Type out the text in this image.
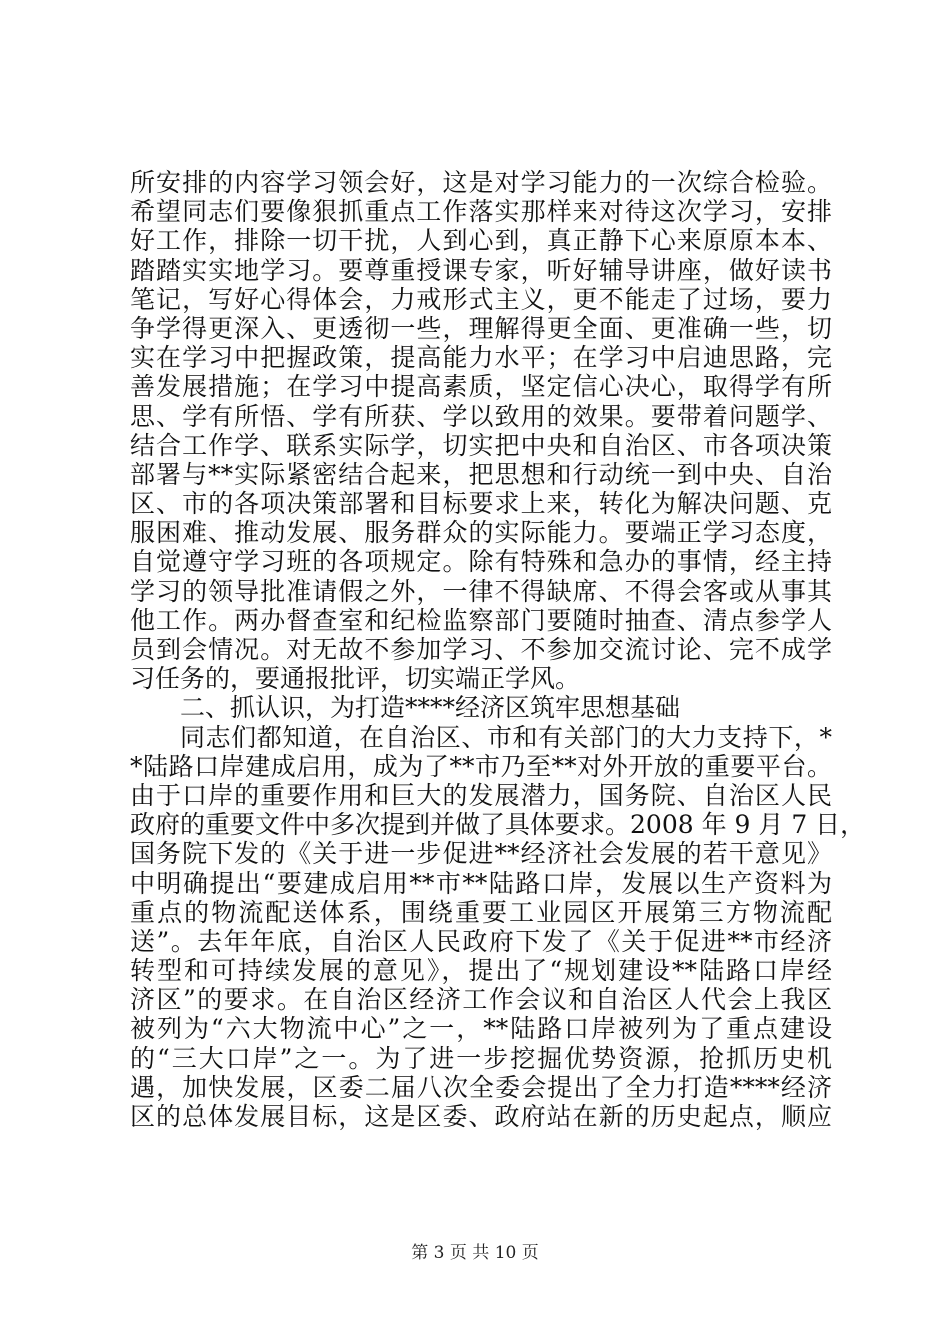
所安排的内容学习领会好，这是对学习能力的一次综合检验。
希望同志们要像狠抓重点工作落实那样来对待这次学习，安排
好工作，排除一切干扰，人到心到，真正静下心来原原本本、
踏踏实实地学习。要尊重授课专家，听好辅导讲座，做好读书
笔记，写好心得体会，力戒形式主义，更不能走了过场，要力
争学得更深入、更透彻一些，理解得更全面、更准确一些，切
实在学习中把握政策，提高能力水平；在学习中启迪思路，完
善发展措施；在学习中提高素质，坚定信心决心，取得学有所
思、学有所悟、学有所获、学以致用的效果。要带着问题学、
结合工作学、联系实际学，切实把中央和自治区、市各项决策
部署与**实际紧密结合起来，把思想和行动统一到中央、自治
区、市的各项决策部署和目标要求上来，转化为解决问题、克
服困难、推动发展、服务群众的实际能力。要端正学习态度，
自觉遵守学习班的各项规定。除有特殊和急办的事情，经主持
学习的领导批准请假之外，一律不得缺席、不得会客或从事其
他工作。两办督查室和纪检监察部门要随时抽查、清点参学人
员到会情况。对无故不参加学习、不参加交流讨论、完不成学
习任务的，要通报批评，切实端正学风。
二、抓认识，为打造****经济区筑牢思想基础
同志们都知道，在自治区、市和有关部门的大力支持下，*
*陆路口岸建成启用，成为了**市乃至**对外开放的重要平台。
由于口岸的重要作用和巨大的发展潜力，国务院、自治区人民
政府的重要文件中多次提到并做了具体要求。2008 年 9 月 7 日，
国务院下发的《关于进一步促进**经济社会发展的若干意见》
中明确提出“要建成启用**市**陆路口岸，发展以生产资料为
重点的物流配送体系，围绕重要工业园区开展第三方物流配
送”。去年年底，自治区人民政府下发了《关于促进**市经济
转型和可持续发展的意见》，提出了“规划建设**陆路口岸经
济区”的要求。在自治区经济工作会议和自治区人代会上我区
被列为“六大物流中心”之一，**陆路口岸被列为了重点建设
的“三大口岸”之一。为了进一步挖掘优势资源，抢抓历史机
遇，加快发展，区委二届八次全委会提出了全力打造****经济
区的总体发展目标，这是区委、政府站在新的历史起点，顺应
第 3 页 共 10 页
